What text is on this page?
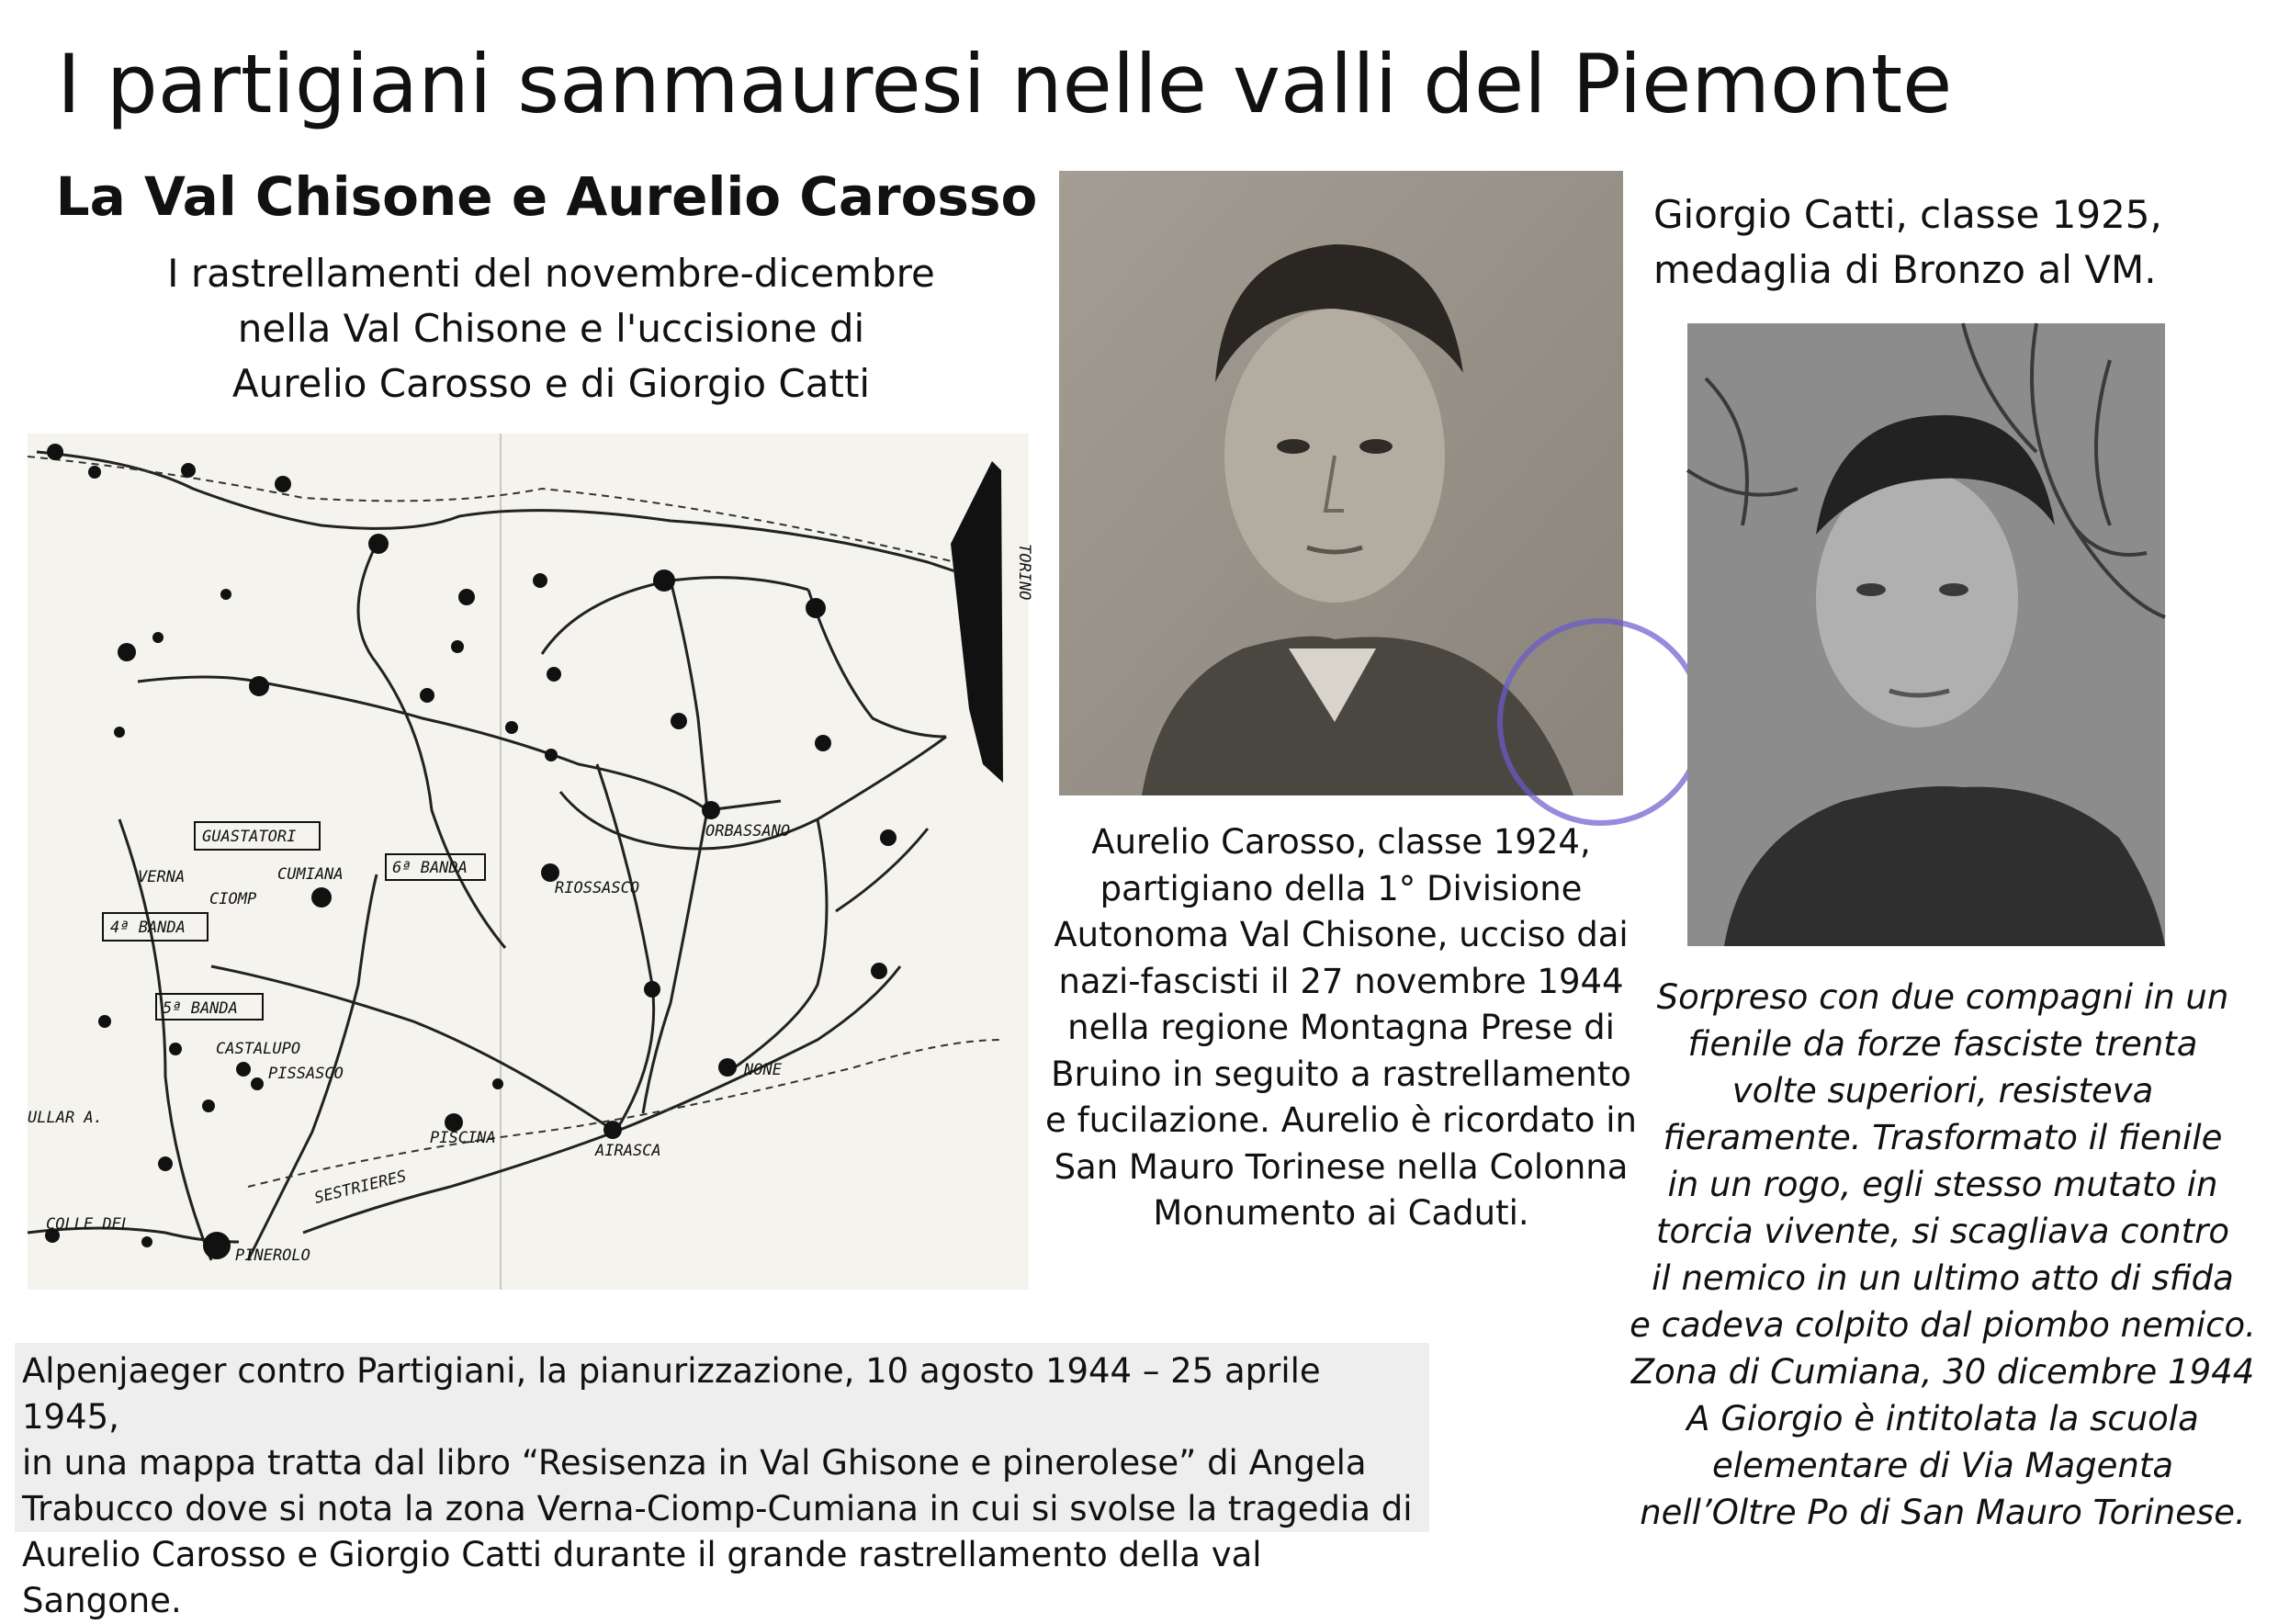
I partigiani sanmauresi nelle valli del Piemonte
La Val Chisone e Aurelio Carosso
I rastrellamenti del novembre-dicembre
nella Val Chisone e l'uccisione di
Aurelio Carosso e di Giorgio Catti
GUASTATORI
VERNA	CUMIANA	6ª BANDA
CIOMP
4ª BANDA
5ª BANDA
CASTALUPO
PISSASCO
PISCINA
RIOSSASCO
ORBASSANO
NONE
AIRASCA
SESTRIERES
COLLE DEL
PINEROLO
TORINO
ULLAR A.
Aurelio Carosso, classe 1924,
partigiano della 1° Divisione
Autonoma Val Chisone, ucciso dai
nazi-fascisti il 27 novembre 1944
nella regione Montagna Prese di
Bruino in seguito a rastrellamento
e fucilazione. Aurelio è ricordato in
San Mauro Torinese nella Colonna
Monumento ai Caduti.
Giorgio Catti, classe 1925,
medaglia di Bronzo al VM.
Sorpreso con due compagni in un
fienile da forze fasciste trenta
volte superiori, resisteva
fieramente. Trasformato il fienile
in un rogo, egli stesso mutato in
torcia vivente, si scagliava contro
il nemico in un ultimo atto di sfida
e cadeva colpito dal piombo nemico.
Zona di Cumiana, 30 dicembre 1944
A Giorgio è intitolata la scuola
elementare di Via Magenta
nell’Oltre Po di San Mauro Torinese.
Alpenjaeger contro Partigiani, la pianurizzazione, 10 agosto 1944 – 25 aprile 1945,
in una mappa tratta dal libro “Resisenza in Val Ghisone e pinerolese” di Angela
Trabucco dove si nota la zona Verna-Ciomp-Cumiana in cui si svolse la tragedia di
Aurelio Carosso e Giorgio Catti durante il grande rastrellamento della val Sangone.
